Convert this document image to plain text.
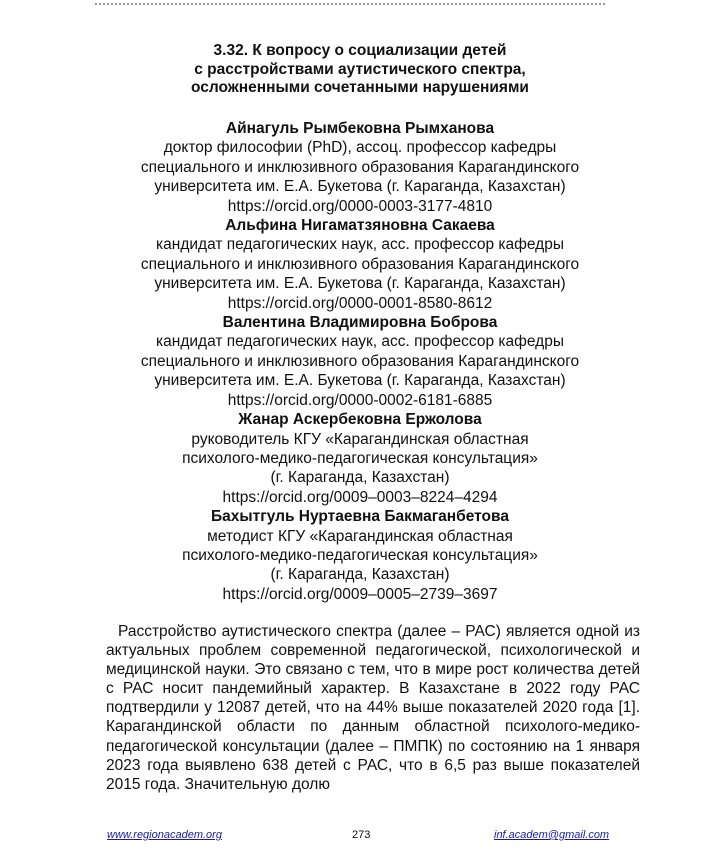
3.32. К вопросу о социализации детей
с расстройствами аутистического спектра,
осложненными сочетанными нарушениями
Айнагуль Рымбековна Рымханова
доктор философии (PhD), ассоц. профессор кафедры
специального и инклюзивного образования Карагандинского
университета им. Е.А. Букетова (г. Караганда, Казахстан)
https://orcid.org/0000-0003-3177-4810
Альфина Нигаматзяновна Сакаева
кандидат педагогических наук, асс. профессор кафедры
специального и инклюзивного образования Карагандинского
университета им. Е.А. Букетова (г. Караганда, Казахстан)
https://orcid.org/0000-0001-8580-8612
Валентина Владимировна Боброва
кандидат педагогических наук, асс. профессор кафедры
специального и инклюзивного образования Карагандинского
университета им. Е.А. Букетова (г. Караганда, Казахстан)
https://orcid.org/0000-0002-6181-6885
Жанар Аскербековна Ержолова
руководитель КГУ «Карагандинская областная
психолого-медико-педагогическая консультация»
(г. Караганда, Казахстан)
https://orcid.org/0009–0003–8224–4294
Бахытгуль Нуртаевна Бакмаганбетова
методист КГУ «Карагандинская областная
психолого-медико-педагогическая консультация»
(г. Караганда, Казахстан)
https://orcid.org/0009–0005–2739–3697
Расстройство аутистического спектра (далее – РАС) является одной из актуальных проблем современной педагогической, психологической и медицинской науки. Это связано с тем, что в мире рост количества детей с РАС носит пандемийный характер. В Казахстане в 2022 году РАС подтвердили у 12087 детей, что на 44% выше показателей 2020 года [1]. Карагандинской области по данным областной психолого-медико-педагогической консультации (далее – ПМПК) по состоянию на 1 января 2023 года выявлено 638 детей с РАС, что в 6,5 раз выше показателей 2015 года. Значительную долю
www.regionacadem.org	273	inf.academ@gmail.com
